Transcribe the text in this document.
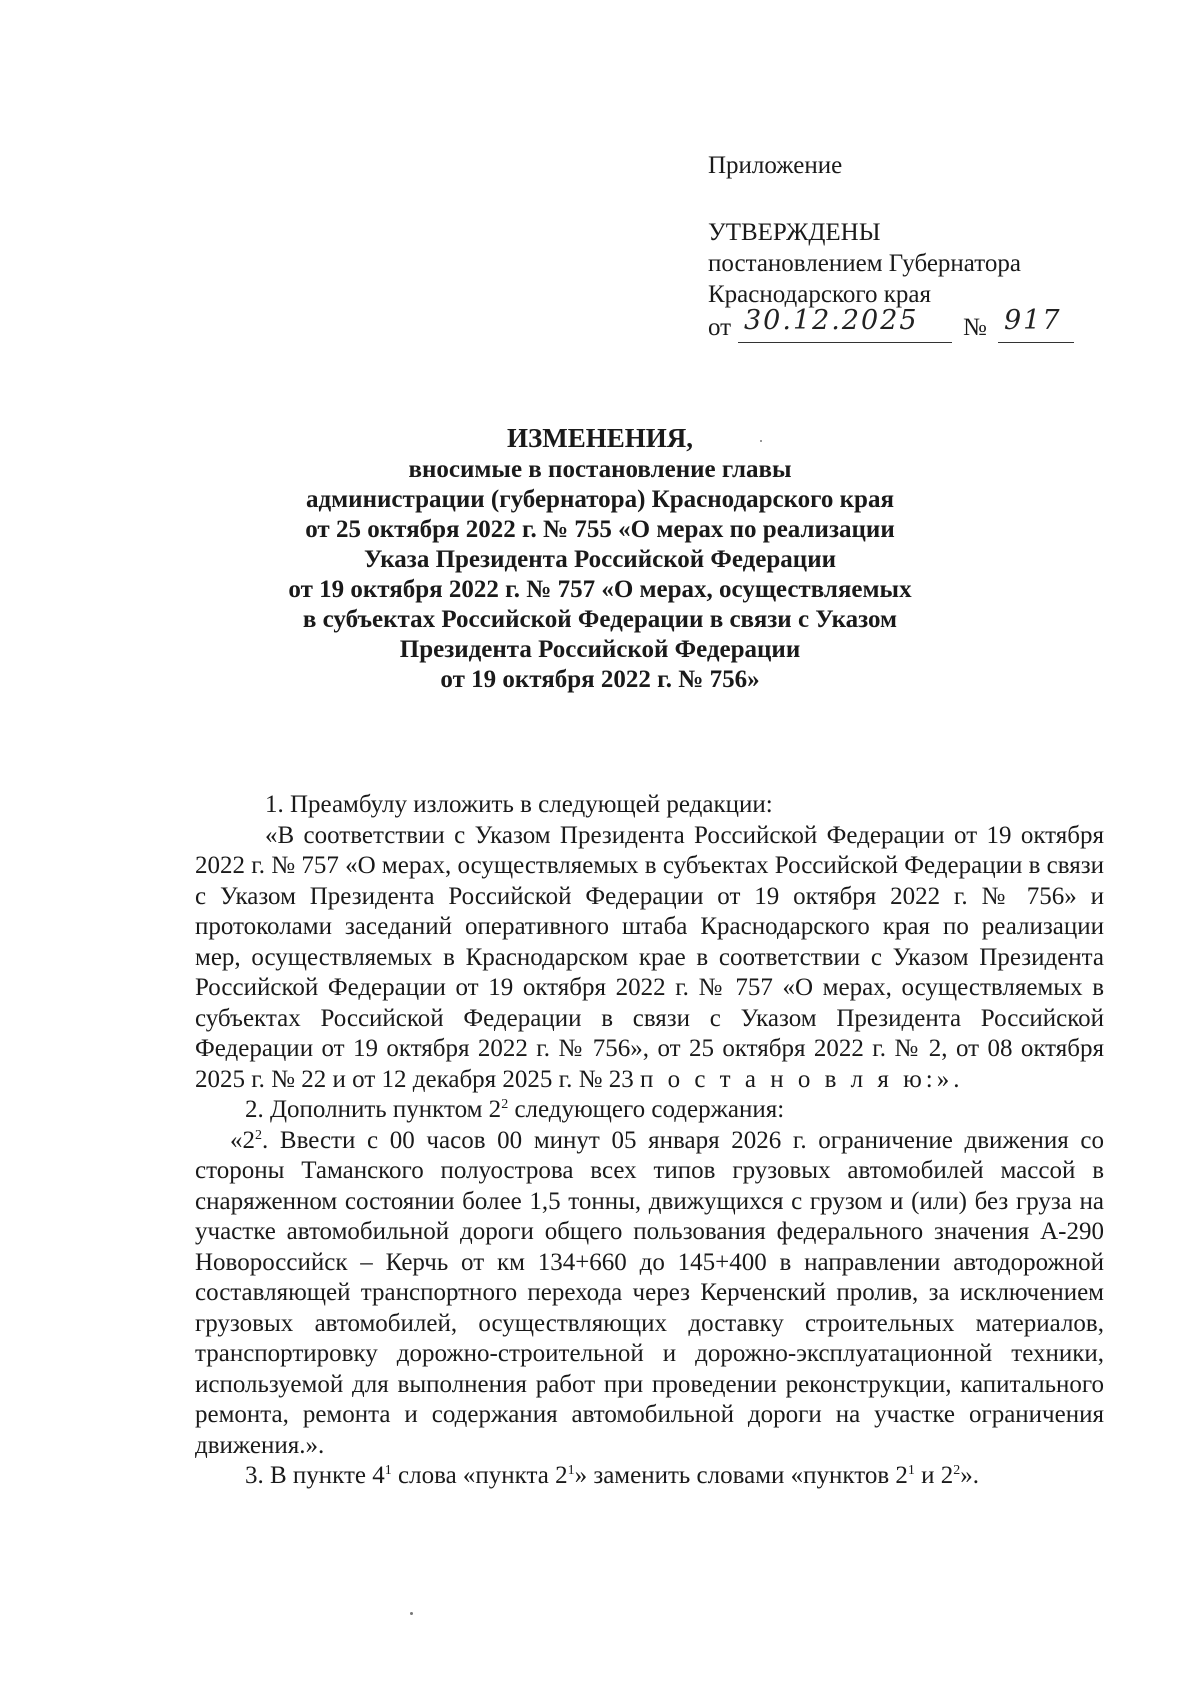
Приложение
УТВЕРЖДЕНЫ
постановлением Губернатора
Краснодарского края
от 30.12.2025 № 917
ИЗМЕНЕНИЯ,
вносимые в постановление главы
администрации (губернатора) Краснодарского края
от 25 октября 2022 г. № 755 «О мерах по реализации
Указа Президента Российской Федерации
от 19 октября 2022 г. № 757 «О мерах, осуществляемых
в субъектах Российской Федерации в связи с Указом
Президента Российской Федерации
от 19 октября 2022 г. № 756»

1. Преамбулу изложить в следующей редакции:

«В соответствии с Указом Президента Российской Федерации от 19 октября 2022 г. № 757 «О мерах, осуществляемых в субъектах Российской Федерации в связи с Указом Президента Российской Федерации от 19 октября 2022 г. № 756» и протоколами заседаний оперативного штаба Краснодарского края по реализации мер, осуществляемых в Краснодарском крае в соответствии с Указом Президента Российской Федерации от 19 октября 2022 г. № 757 «О мерах, осуществляемых в субъектах Российской Федерации в связи с Указом Президента Российской Федерации от 19 октября 2022 г. № 756», от 25 октября 2022 г. № 2, от 08 октября 2025 г. № 22 и от 12 декабря 2025 г. № 23 п о с т а н о в л я ю:».

2. Дополнить пунктом $2^2$ следующего содержания:

«$2^2$. Ввести с 00 часов 00 минут 05 января 2026 г. ограничение движения со стороны Таманского полуострова всех типов грузовых автомобилей массой в снаряженном состоянии более 1,5 тонны, движущихся с грузом и (или) без груза на участке автомобильной дороги общего пользования федерального значения А-290 Новороссийск – Керчь от км 134+660 до 145+400 в направлении автодорожной составляющей транспортного перехода через Керченский пролив, за исключением грузовых автомобилей, осуществляющих доставку строительных материалов, транспортировку дорожно-строительной и дорожно-эксплуатационной техники, используемой для выполнения работ при проведении реконструкции, капитального ремонта, ремонта и содержания автомобильной дороги на участке ограничения движения.».

3. В пункте $4^1$ слова «пункта $2^1$» заменить словами «пунктов $2^1$ и $2^2$».
